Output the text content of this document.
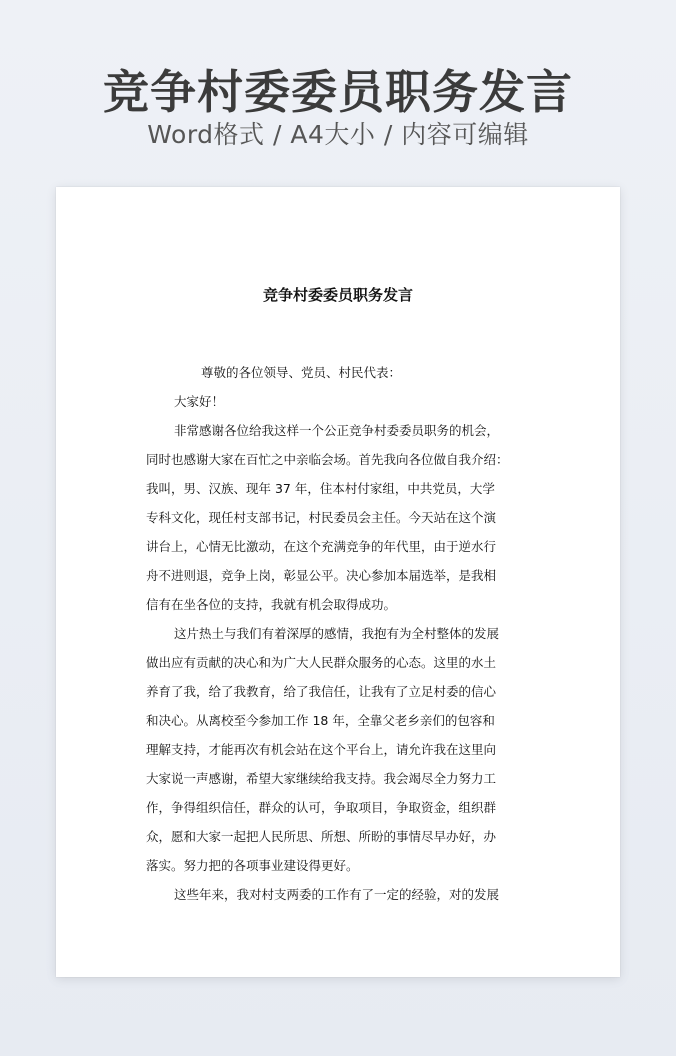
竞争村委委员职务发言
Word格式 / A4大小 / 内容可编辑
竞争村委委员职务发言
尊敬的各位领导、党员、村民代表：
大家好！
非常感谢各位给我这样一个公正竞争村委委员职务的机会，
同时也感谢大家在百忙之中亲临会场。首先我向各位做自我介绍：
我叫，男、汉族、现年 37 年，住本村付家组，中共党员，大学
专科文化，现任村支部书记，村民委员会主任。今天站在这个演
讲台上，心情无比激动，在这个充满竞争的年代里，由于逆水行
舟不进则退，竞争上岗，彰显公平。决心参加本届选举，是我相
信有在坐各位的支持，我就有机会取得成功。
这片热土与我们有着深厚的感情，我抱有为全村整体的发展
做出应有贡献的决心和为广大人民群众服务的心态。这里的水土
养育了我，给了我教育，给了我信任，让我有了立足村委的信心
和决心。从离校至今参加工作 18 年，全靠父老乡亲们的包容和
理解支持，才能再次有机会站在这个平台上，请允许我在这里向
大家说一声感谢，希望大家继续给我支持。我会竭尽全力努力工
作，争得组织信任，群众的认可，争取项目，争取资金，组织群
众，愿和大家一起把人民所思、所想、所盼的事情尽早办好，办
落实。努力把的各项事业建设得更好。
这些年来，我对村支两委的工作有了一定的经验，对的发展
